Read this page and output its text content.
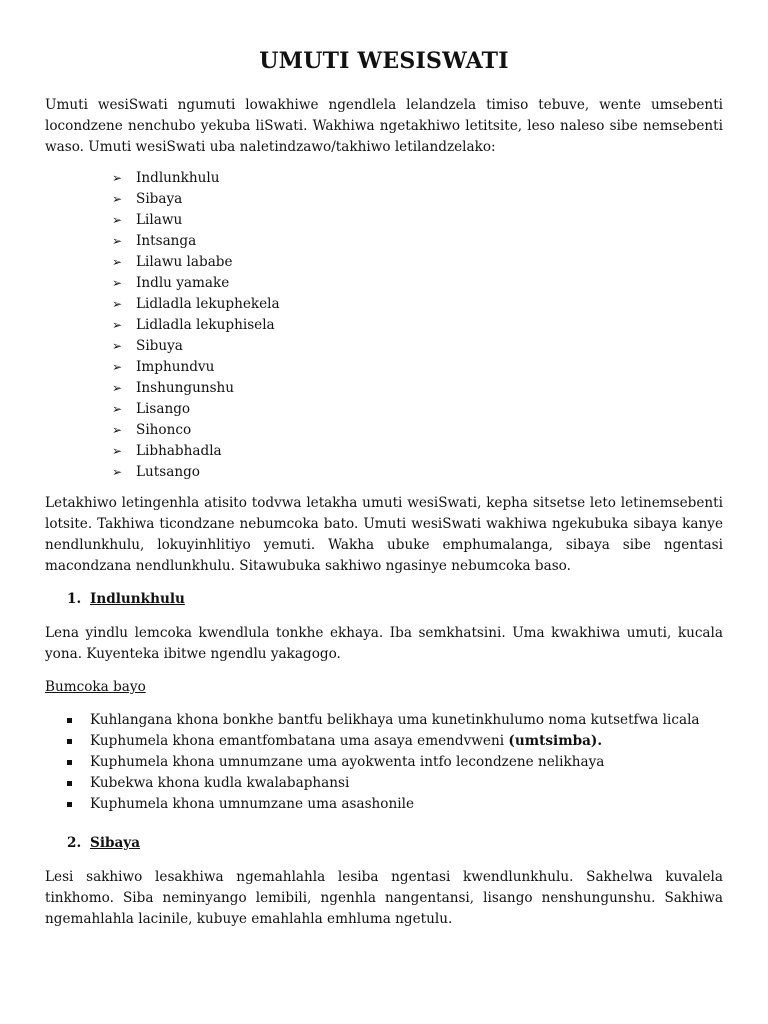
UMUTI WESISWATI

Umuti wesiSwati ngumuti lowakhiwe ngendlela lelandzela timiso tebuve, wente umsebenti locondzene nenchubo yekuba liSwati. Wakhiwa ngetakhiwo letitsite, leso naleso sibe nemsebenti waso. Umuti wesiSwati uba naletindzawo/takhiwo letilandzelako:

➢	Indlunkhulu
➢	Sibaya
➢	Lilawu
➢	Intsanga
➢	Lilawu lababe
➢	Indlu yamake
➢	Lidladla lekuphekela
➢	Lidladla lekuphisela
➢	Sibuya
➢	Imphundvu
➢	Inshungunshu
➢	Lisango
➢	Sihonco
➢	Libhabhadla
➢	Lutsango

Letakhiwo letingenhla atisito todvwa letakha umuti wesiSwati, kepha sitsetse leto letinemsebenti lotsite. Takhiwa ticondzane nebumcoka bato. Umuti wesiSwati wakhiwa ngekubuka sibaya kanye nendlunkhulu, lokuyinhlitiyo yemuti. Wakha ubuke emphumalanga, sibaya sibe ngentasi macondzana nendlunkhulu. Sitawubuka sakhiwo ngasinye nebumcoka baso.

1. Indlunkhulu

Lena yindlu lemcoka kwendlula tonkhe ekhaya. Iba semkhatsini. Uma kwakhiwa umuti, kucala yona. Kuyenteka ibitwe ngendlu yakagogo.

Bumcoka bayo
Kuhlangana khona bonkhe bantfu belikhaya uma kunetinkhulumo noma kutsetfwa licala
Kuphumela khona emantfombatana uma asaya emendvweni (umtsimba).
Kuphumela khona umnumzane uma ayokwenta intfo lecondzene nelikhaya
Kubekwa khona kudla kwalabaphansi
Kuphumela khona umnumzane uma asashonile
2. Sibaya

Lesi sakhiwo lesakhiwa ngemahlahla lesiba ngentasi kwendlunkhulu. Sakhelwa kuvalela tinkhomo. Siba neminyango lemibili, ngenhla nangentansi, lisango nenshungunshu. Sakhiwa ngemahlahla lacinile, kubuye emahlahla emhluma ngetulu.
